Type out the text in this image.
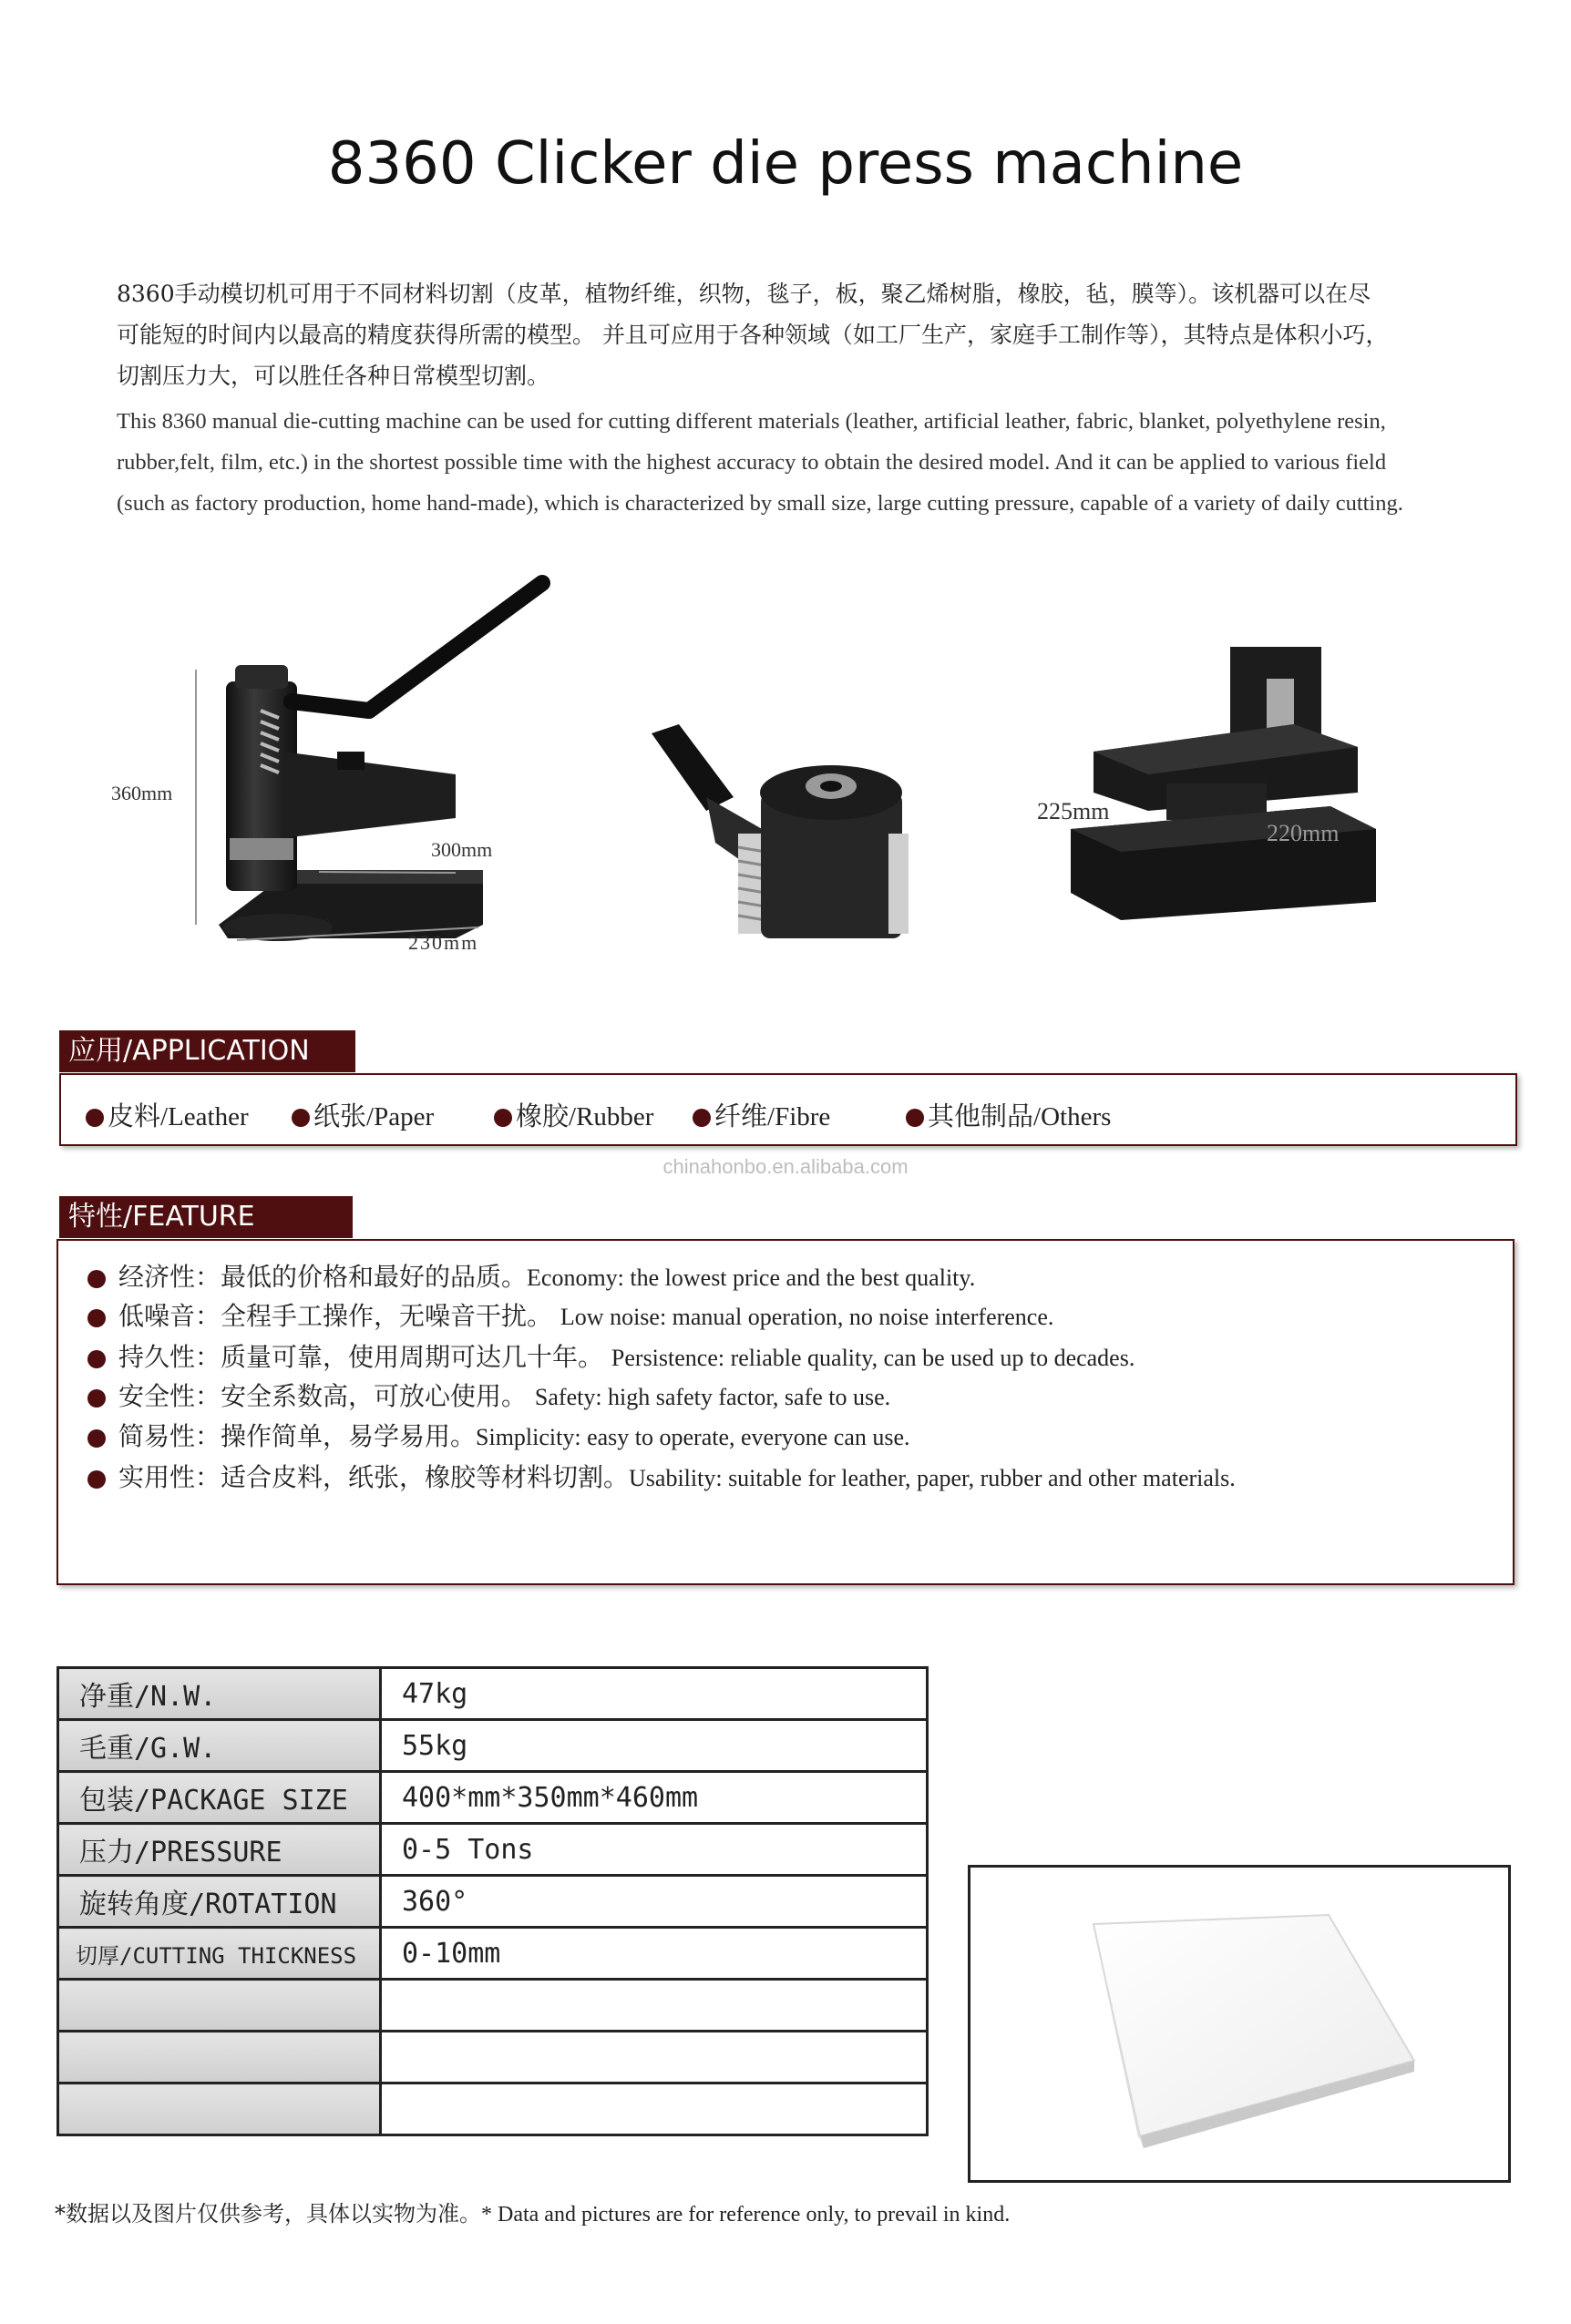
8360 Clicker die press machine
8360手动模切机可用于不同材料切割（皮革，植物纤维，织物，毯子，板，聚乙烯树脂，橡胶，毡，膜等）。该机器可以在尽
可能短的时间内以最高的精度获得所需的模型。 并且可应用于各种领域（如工厂生产，家庭手工制作等），其特点是体积小巧，
切割压力大，可以胜任各种日常模型切割。
This 8360 manual die-cutting machine can be used for cutting different materials (leather, artificial leather, fabric, blanket, polyethylene resin,
rubber,felt, film, etc.) in the shortest possible time with the highest accuracy to obtain the desired model. And it can be applied to various field
(such as factory production, home hand-made), which is characterized by small size, large cutting pressure, capable of a variety of daily cutting.
360mm
300mm
230mm
225mm
220mm
应用/APPLICATION
皮料/Leather	纸张/Paper	橡胶/Rubber	纤维/Fibre	其他制品/Others
chinahonbo.en.alibaba.com
特性/FEATURE
经济性：最低的价格和最好的品质。Economy: the lowest price and the best quality.
低噪音：全程手工操作，无噪音干扰。 Low noise: manual operation, no noise interference.
持久性：质量可靠，使用周期可达几十年。 Persistence: reliable quality, can be used up to decades.
安全性：安全系数高，可放心使用。 Safety: high safety factor, safe to use.
简易性：操作简单，易学易用。Simplicity: easy to operate, everyone can use.
实用性：适合皮料，纸张，橡胶等材料切割。Usability: suitable for leather, paper, rubber and other materials.
净重/N.W.	47kg
毛重/G.W.	55kg
包装/PACKAGE SIZE	400*mm*350mm*460mm
压力/PRESSURE	0-5 Tons
旋转角度/ROTATION	360°
切厚/CUTTING THICKNESS	0-10mm

*数据以及图片仅供参考，具体以实物为准。* Data and pictures are for reference only, to prevail in kind.
